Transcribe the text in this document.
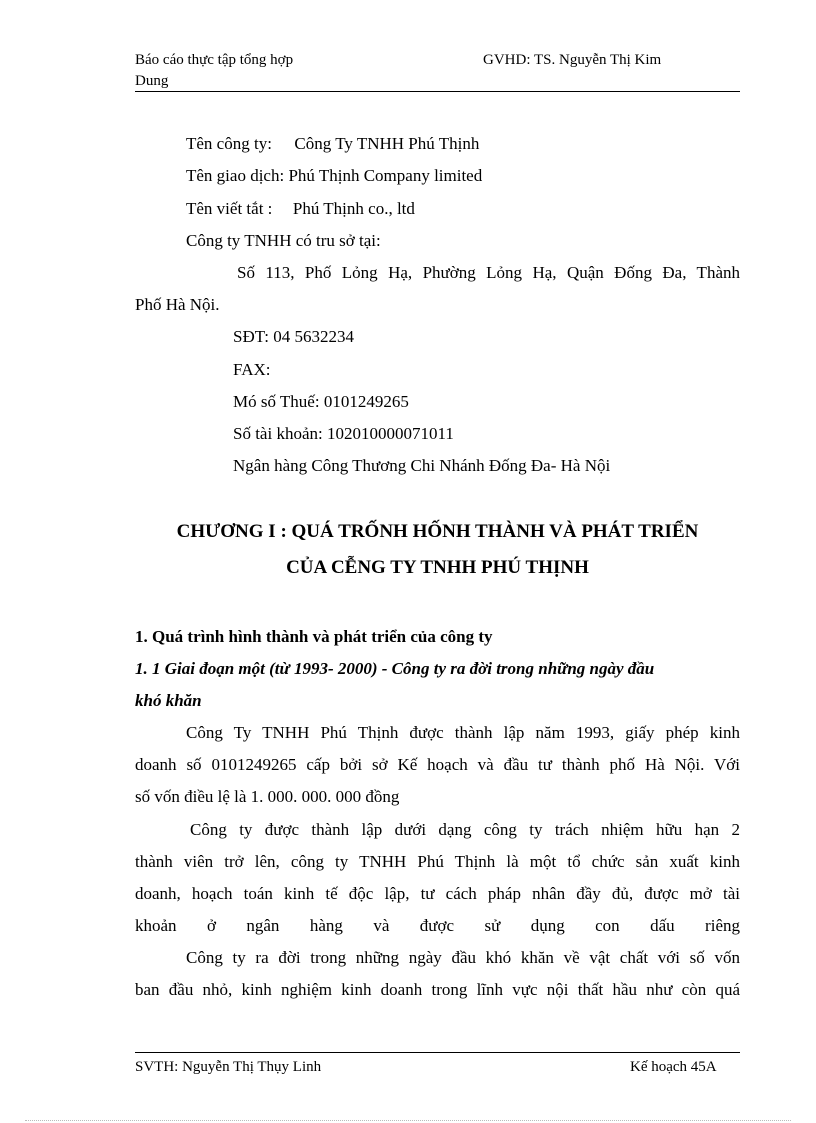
Báo cáo thực tập tổng hợp	GVHD: TS. Nguyễn Thị Kim
Dung
Tên công ty: Công Ty TNHH Phú Thịnh
Tên giao dịch: Phú Thịnh Company limited
Tên viết tắt : Phú Thịnh co., ltd
Công ty TNHH có tru sở tại:
Số 113, Phố Lỏng Hạ, Phường Lỏng Hạ, Quận Đống Đa, Thành
Phố Hà Nội.
SĐT: 04 5632234
FAX:
Mó số Thuế: 0101249265
Số tài khoản: 102010000071011
Ngân hàng Công Thương Chi Nhánh Đống Đa- Hà Nội
CHƯƠNG I : QUÁ TRỐNH HỐNH THÀNH VÀ PHÁT TRIỂN
CỦA CỄNG TY TNHH PHÚ THỊNH
1. Quá trình hình thành và phát triển của công ty
1. 1 Giai đoạn một (từ 1993- 2000) - Công ty ra đời trong những ngày đầu
khó khăn
Công Ty TNHH Phú Thịnh được thành lập năm 1993, giấy phép kinh
doanh số 0101249265 cấp bởi sở Kế hoạch và đầu tư thành phố Hà Nội. Với
số vốn điều lệ là 1. 000. 000. 000 đồng
Công ty được thành lập dưới dạng công ty trách nhiệm hữu hạn 2
thành viên trở lên, công ty TNHH Phú Thịnh là một tổ chức sản xuất kinh
doanh, hoạch toán kinh tế độc lập, tư cách pháp nhân đầy đủ, được mở tài
khoản ở ngân hàng và được sử dụng con dấu riêng
Công ty ra đời trong những ngày đầu khó khăn về vật chất với số vốn
ban đầu nhỏ, kinh nghiệm kinh doanh trong lĩnh vực nội thất hầu như còn quá
SVTH: Nguyễn Thị Thụy Linh	Kế hoạch 45A
